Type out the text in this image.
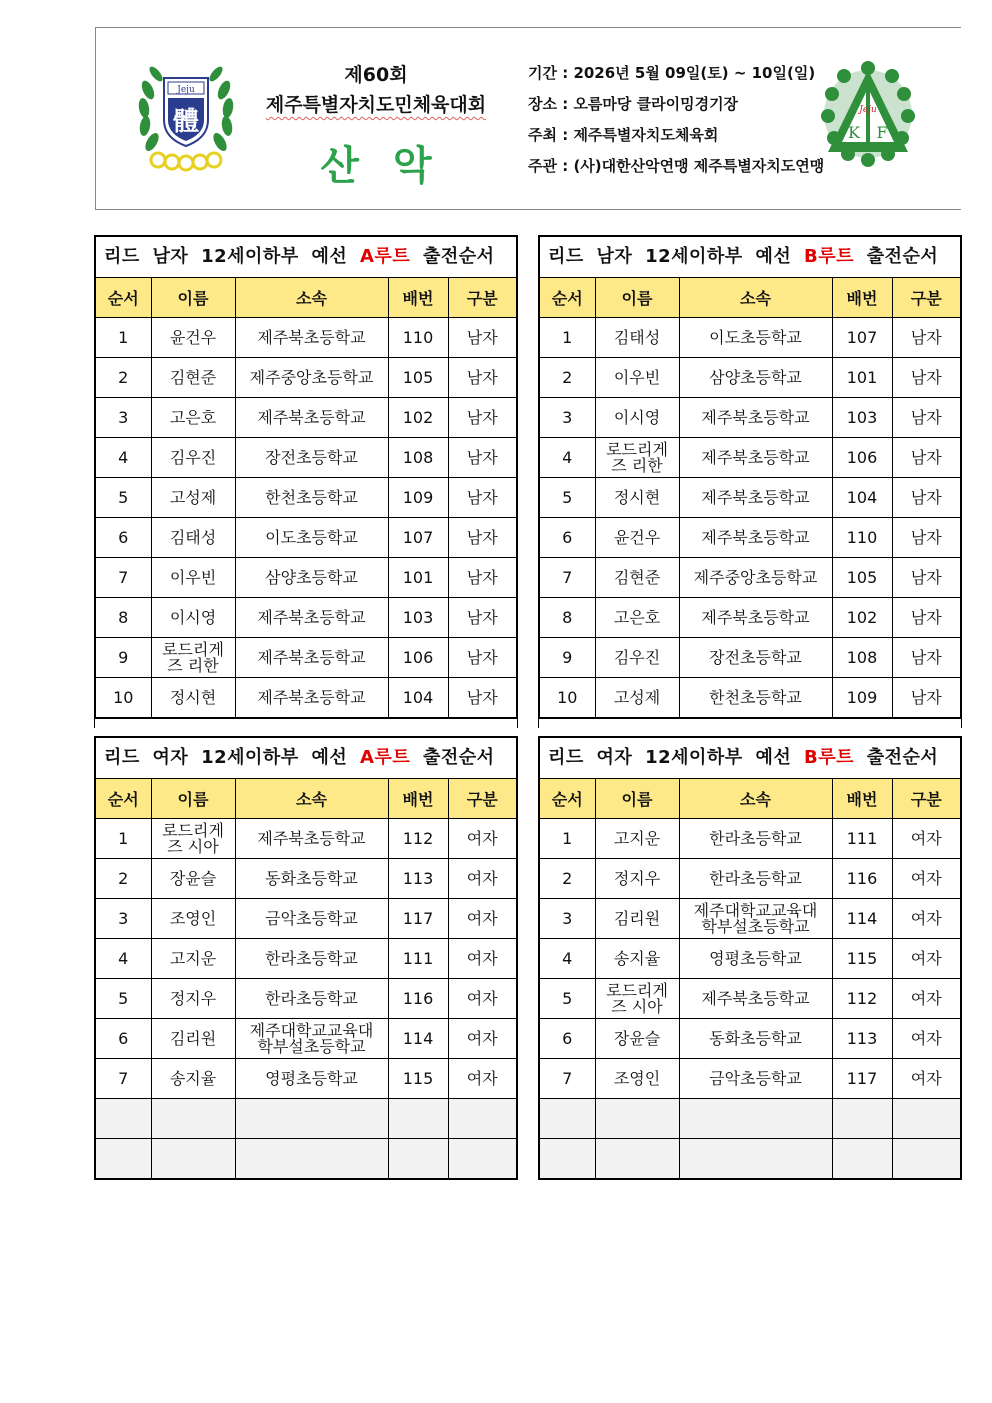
Jeju
體
제60회
제주특별자치도민체육대회
산악
기간 : 2026년 5월 09일(토) ~ 10일(일)
장소 : 오름마당 클라이밍경기장
주최 : 제주특별자치도체육회
주관 : (사)대한산악연맹 제주특별자치도연맹
Jeju
K F
리드 남자 12세이하부 예선 A루트 출전순서
순서	이름	소속	배번	구분
1	윤건우	제주북초등학교	110	남자
2	김현준	제주중앙초등학교	105	남자
3	고은호	제주북초등학교	102	남자
4	김우진	장전초등학교	108	남자
5	고성제	한천초등학교	109	남자
6	김태성	이도초등학교	107	남자
7	이우빈	삼양초등학교	101	남자
8	이시영	제주북초등학교	103	남자
9	로드리게
즈 리한	제주북초등학교	106	남자
10	정시현	제주북초등학교	104	남자
리드 남자 12세이하부 예선 B루트 출전순서
순서	이름	소속	배번	구분
1	김태성	이도초등학교	107	남자
2	이우빈	삼양초등학교	101	남자
3	이시영	제주북초등학교	103	남자
4	로드리게
즈 리한	제주북초등학교	106	남자
5	정시현	제주북초등학교	104	남자
6	윤건우	제주북초등학교	110	남자
7	김현준	제주중앙초등학교	105	남자
8	고은호	제주북초등학교	102	남자
9	김우진	장전초등학교	108	남자
10	고성제	한천초등학교	109	남자
리드 여자 12세이하부 예선 A루트 출전순서
순서	이름	소속	배번	구분
1	로드리게
즈 시아	제주북초등학교	112	여자
2	장윤슬	동화초등학교	113	여자
3	조영인	금악초등학교	117	여자
4	고지운	한라초등학교	111	여자
5	정지우	한라초등학교	116	여자
6	김리원	제주대학교교육대
학부설초등학교	114	여자
7	송지율	영평초등학교	115	여자

리드 여자 12세이하부 예선 B루트 출전순서
순서	이름	소속	배번	구분
1	고지운	한라초등학교	111	여자
2	정지우	한라초등학교	116	여자
3	김리원	제주대학교교육대
학부설초등학교	114	여자
4	송지율	영평초등학교	115	여자
5	로드리게
즈 시아	제주북초등학교	112	여자
6	장윤슬	동화초등학교	113	여자
7	조영인	금악초등학교	117	여자
